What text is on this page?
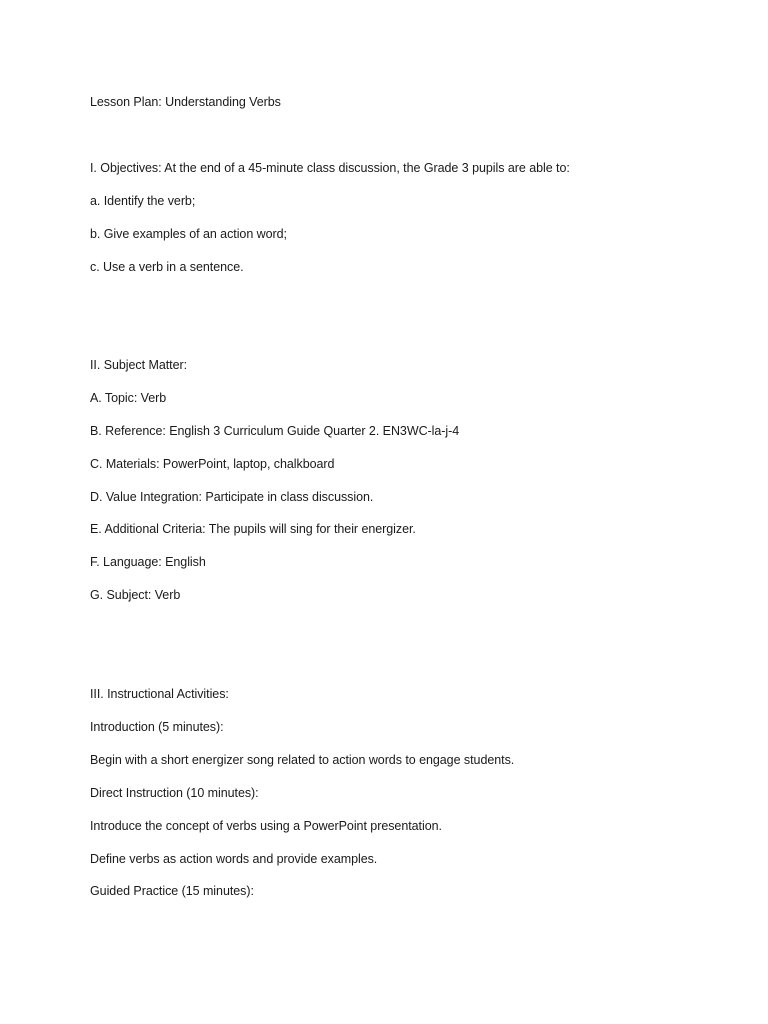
Lesson Plan: Understanding Verbs
I. Objectives: At the end of a 45-minute class discussion, the Grade 3 pupils are able to:
a. Identify the verb;
b. Give examples of an action word;
c. Use a verb in a sentence.
II. Subject Matter:
A. Topic: Verb
B. Reference: English 3 Curriculum Guide Quarter 2. EN3WC-la-j-4
C. Materials: PowerPoint, laptop, chalkboard
D. Value Integration: Participate in class discussion.
E. Additional Criteria: The pupils will sing for their energizer.
F. Language: English
G. Subject: Verb
III. Instructional Activities:
Introduction (5 minutes):
Begin with a short energizer song related to action words to engage students.
Direct Instruction (10 minutes):
Introduce the concept of verbs using a PowerPoint presentation.
Define verbs as action words and provide examples.
Guided Practice (15 minutes):
